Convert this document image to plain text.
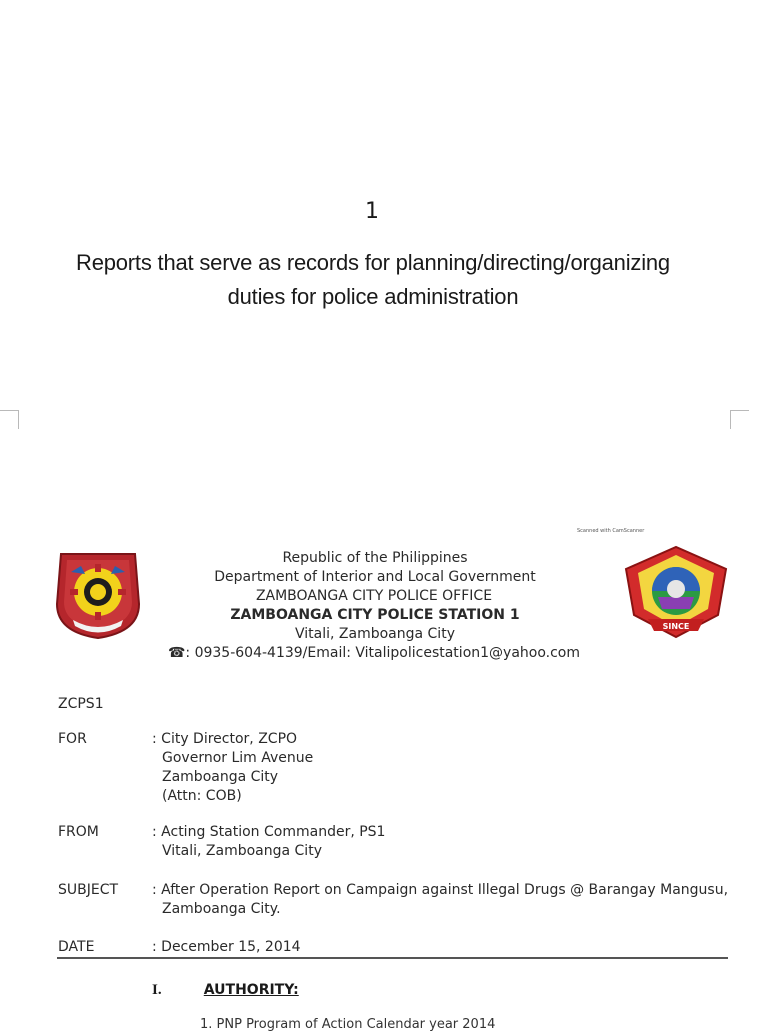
1
Reports that serve as records for planning/directing/organizing
duties for police administration
Scanned with CamScanner
SINCE
Republic of the Philippines
Department of Interior and Local Government
ZAMBOANGA CITY POLICE OFFICE
ZAMBOANGA CITY POLICE STATION 1
Vitali, Zamboanga City
☎: 0935-604-4139/Email: Vitalipolicestation1@yahoo.com
ZCPS1
FOR	: City Director, ZCPO
Governor Lim Avenue
Zamboanga City
(Attn: COB)
FROM	: Acting Station Commander, PS1
Vitali, Zamboanga City
SUBJECT : After Operation Report on Campaign against Illegal Drugs @ Barangay Mangusu,
Zamboanga City.
DATE	: December 15, 2014
I.	AUTHORITY:
1. PNP Program of Action Calendar year 2014
